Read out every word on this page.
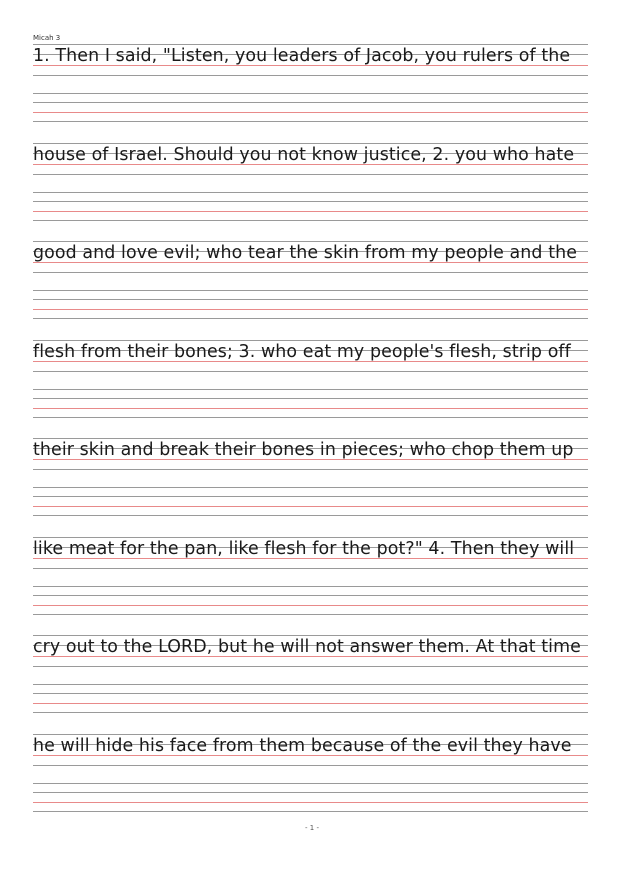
Micah 3
1. Then I said, "Listen, you leaders of Jacob, you rulers of the
house of Israel. Should you not know justice, 2. you who hate
good and love evil; who tear the skin from my people and the
flesh from their bones; 3. who eat my people's flesh, strip off
their skin and break their bones in pieces; who chop them up
like meat for the pan, like flesh for the pot?" 4. Then they will
cry out to the LORD, but he will not answer them. At that time
he will hide his face from them because of the evil they have
- 1 -
